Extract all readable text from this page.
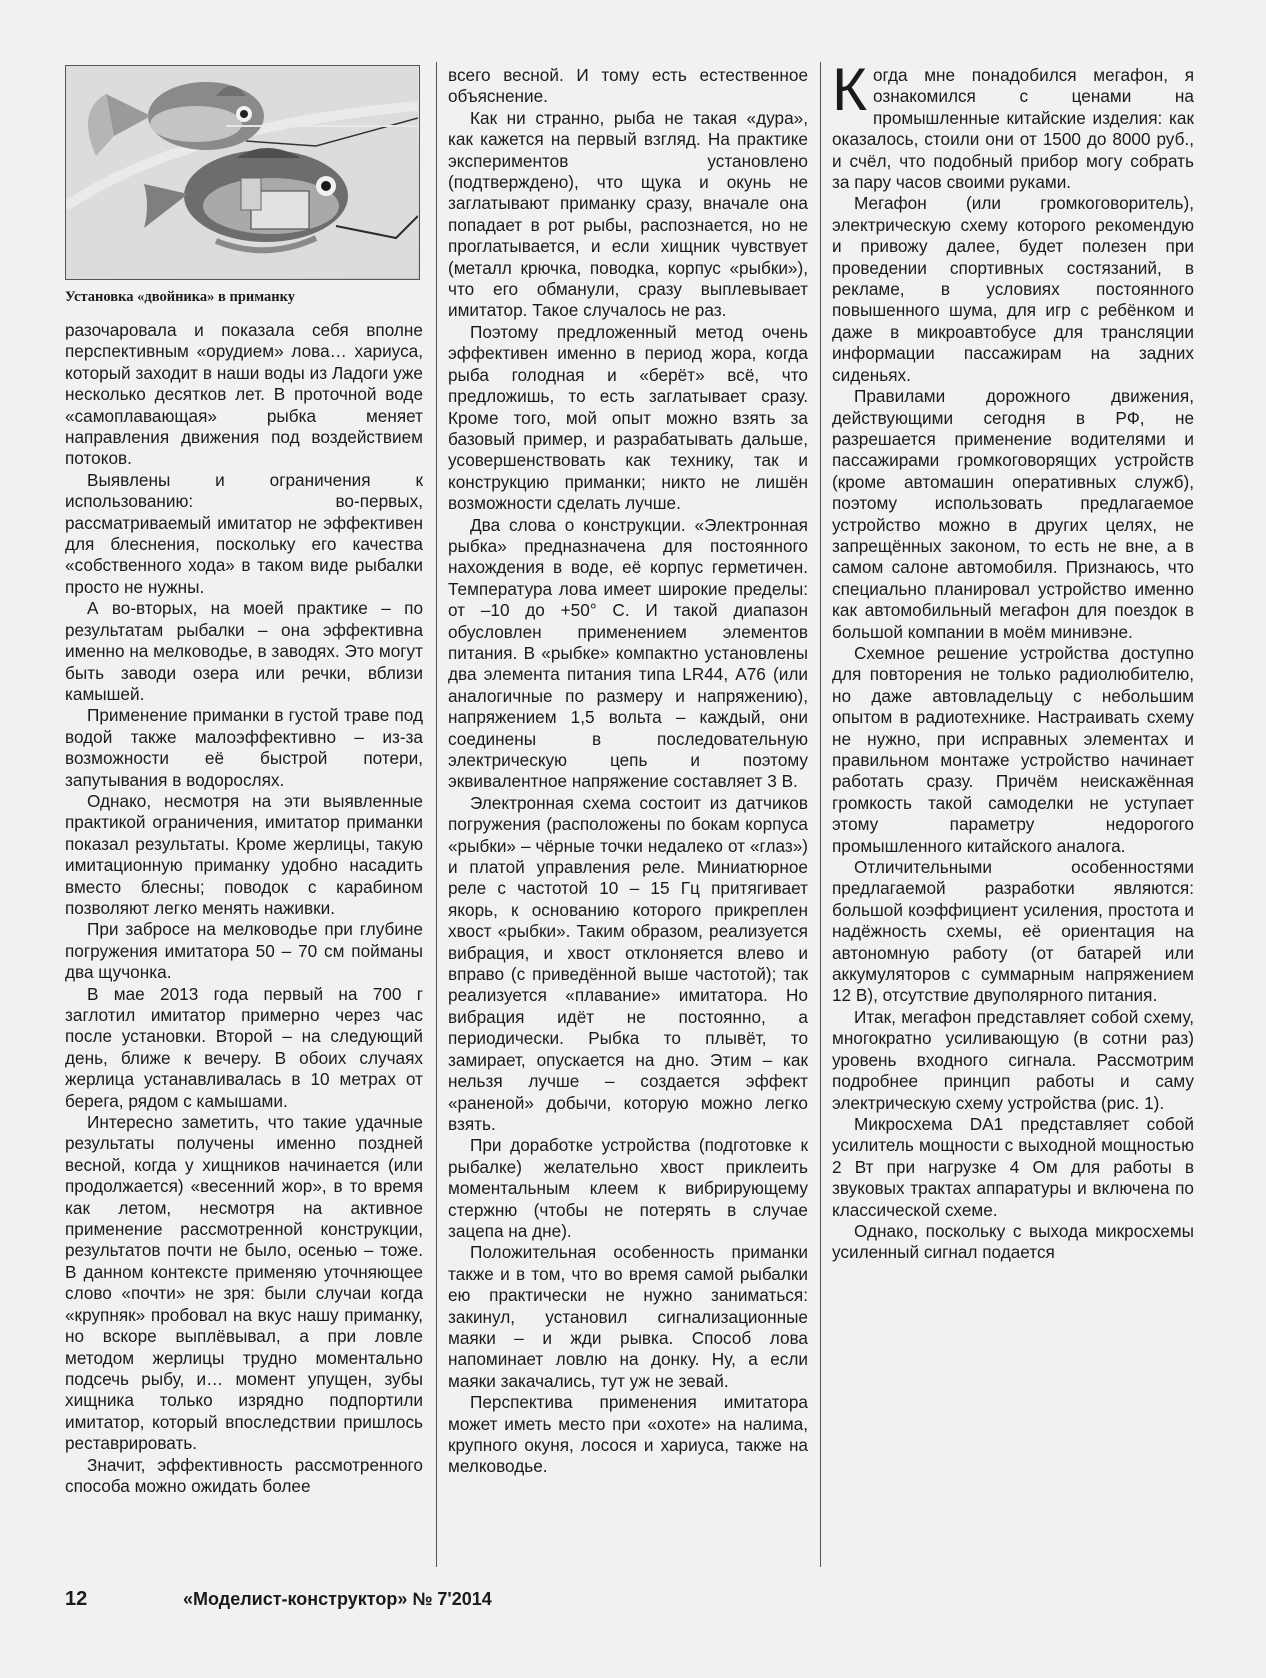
Установка «двойника» в приманку

разочаровала и показала себя вполне перспективным «орудием» лова… хариуса, который заходит в наши воды из Ладоги уже несколько десятков лет. В проточной воде «самоплавающая» рыбка меняет направления движения под воздействием потоков.

Выявлены и ограничения к использованию: во-первых, рассматриваемый имитатор не эффективен для блеснения, поскольку его качества «собственного хода» в таком виде рыбалки просто не нужны.

А во-вторых, на моей практике – по результатам рыбалки – она эффективна именно на мелководье, в заводях. Это могут быть заводи озера или речки, вблизи камышей.

Применение приманки в густой траве под водой также малоэффективно – из-за возможности её быстрой потери, запутывания в водорослях.

Однако, несмотря на эти выявленные практикой ограничения, имитатор приманки показал результаты. Кроме жерлицы, такую имитационную приманку удобно насадить вместо блесны; поводок с карабином позволяют легко менять наживки.

При забросе на мелководье при глубине погружения имитатора 50 – 70 см пойманы два щучонка.

В мае 2013 года первый на 700 г заглотил имитатор примерно через час после установки. Второй – на следующий день, ближе к вечеру. В обоих случаях жерлица устанавливалась в 10 метрах от берега, рядом с камышами.

Интересно заметить, что такие удачные результаты получены именно поздней весной, когда у хищников начинается (или продолжается) «весенний жор», в то время как летом, несмотря на активное применение рассмотренной конструкции, результатов почти не было, осенью – тоже. В данном контексте применяю уточняющее слово «почти» не зря: были случаи когда «крупняк» пробовал на вкус нашу приманку, но вскоре выплёвывал, а при ловле методом жерлицы трудно моментально подсечь рыбу, и… момент упущен, зубы хищника только изрядно подпортили имитатор, который впоследствии пришлось реставрировать.

Значит, эффективность рассмотренного способа можно ожидать более

всего весной. И тому есть естественное объяснение.

Как ни странно, рыба не такая «дура», как кажется на первый взгляд. На практике экспериментов установлено (подтверждено), что щука и окунь не заглатывают приманку сразу, вначале она попадает в рот рыбы, распознается, но не проглатывается, и если хищник чувствует (металл крючка, поводка, корпус «рыбки»), что его обманули, сразу выплевывает имитатор. Такое случалось не раз.

Поэтому предложенный метод очень эффективен именно в период жора, когда рыба голодная и «берёт» всё, что предложишь, то есть заглатывает сразу. Кроме того, мой опыт можно взять за базовый пример, и разрабатывать дальше, усовершенствовать как технику, так и конструкцию приманки; никто не лишён возможности сделать лучше.

Два слова о конструкции. «Электронная рыбка» предназначена для постоянного нахождения в воде, её корпус герметичен. Температура лова имеет широкие пределы: от –10 до +50° С. И такой диапазон обусловлен применением элементов питания. В «рыбке» компактно установлены два элемента питания типа LR44, А76 (или аналогичные по размеру и напряжению), напряжением 1,5 вольта – каждый, они соединены в последовательную электрическую цепь и поэтому эквивалентное напряжение составляет 3 В.

Электронная схема состоит из датчиков погружения (расположены по бокам корпуса «рыбки» – чёрные точки недалеко от «глаз») и платой управления реле. Миниатюрное реле с частотой 10 – 15 Гц притягивает якорь, к основанию которого прикреплен хвост «рыбки». Таким образом, реализуется вибрация, и хвост отклоняется влево и вправо (с приведённой выше частотой); так реализуется «плавание» имитатора. Но вибрация идёт не постоянно, а периодически. Рыбка то плывёт, то замирает, опускается на дно. Этим – как нельзя лучше – создается эффект «раненой» добычи, которую можно легко взять.

При доработке устройства (подготовке к рыбалке) желательно хвост приклеить моментальным клеем к вибрирующему стержню (чтобы не потерять в случае зацепа на дне).

Положительная особенность приманки также и в том, что во время самой рыбалки ею практически не нужно заниматься: закинул, установил сигнализационные маяки – и жди рывка. Способ лова напоминает ловлю на донку. Ну, а если маяки закачались, тут уж не зевай.

Перспектива применения имитатора может иметь место при «охоте» на налима, крупного окуня, лосося и хариуса, также на мелководье.

Когда мне понадобился мегафон, я ознакомился с ценами на промышленные китайские изделия: как оказалось, стоили они от 1500 до 8000 руб., и счёл, что подобный прибор могу собрать за пару часов своими руками.

Мегафон (или громкоговоритель), электрическую схему которого рекомендую и привожу далее, будет полезен при проведении спортивных состязаний, в рекламе, в условиях постоянного повышенного шума, для игр с ребёнком и даже в микроавтобусе для трансляции информации пассажирам на задних сиденьях.

Правилами дорожного движения, действующими сегодня в РФ, не разрешается применение водителями и пассажирами громкоговорящих устройств (кроме автомашин оперативных служб), поэтому использовать предлагаемое устройство можно в других целях, не запрещённых законом, то есть не вне, а в самом салоне автомобиля. Признаюсь, что специально планировал устройство именно как автомобильный мегафон для поездок в большой компании в моём минивэне.

Схемное решение устройства доступно для повторения не только радиолюбителю, но даже автовладельцу с небольшим опытом в радиотехнике. Настраивать схему не нужно, при исправных элементах и правильном монтаже устройство начинает работать сразу. Причём неискажённая громкость такой самоделки не уступает этому параметру недорогого промышленного китайского аналога.

Отличительными особенностями предлагаемой разработки являются: большой коэффициент усиления, простота и надёжность схемы, её ориентация на автономную работу (от батарей или аккумуляторов с суммарным напряжением 12 В), отсутствие двуполярного питания.

Итак, мегафон представляет собой схему, многократно усиливающую (в сотни раз) уровень входного сигнала. Рассмотрим подробнее принцип работы и саму электрическую схему устройства (рис. 1).

Микросхема DA1 представляет собой усилитель мощности с выходной мощностью 2 Вт при нагрузке 4 Ом для работы в звуковых трактах аппаратуры и включена по классической схеме.

Однако, поскольку с выхода микросхемы усиленный сигнал подается

12	«Моделист-конструктор» № 7'2014
